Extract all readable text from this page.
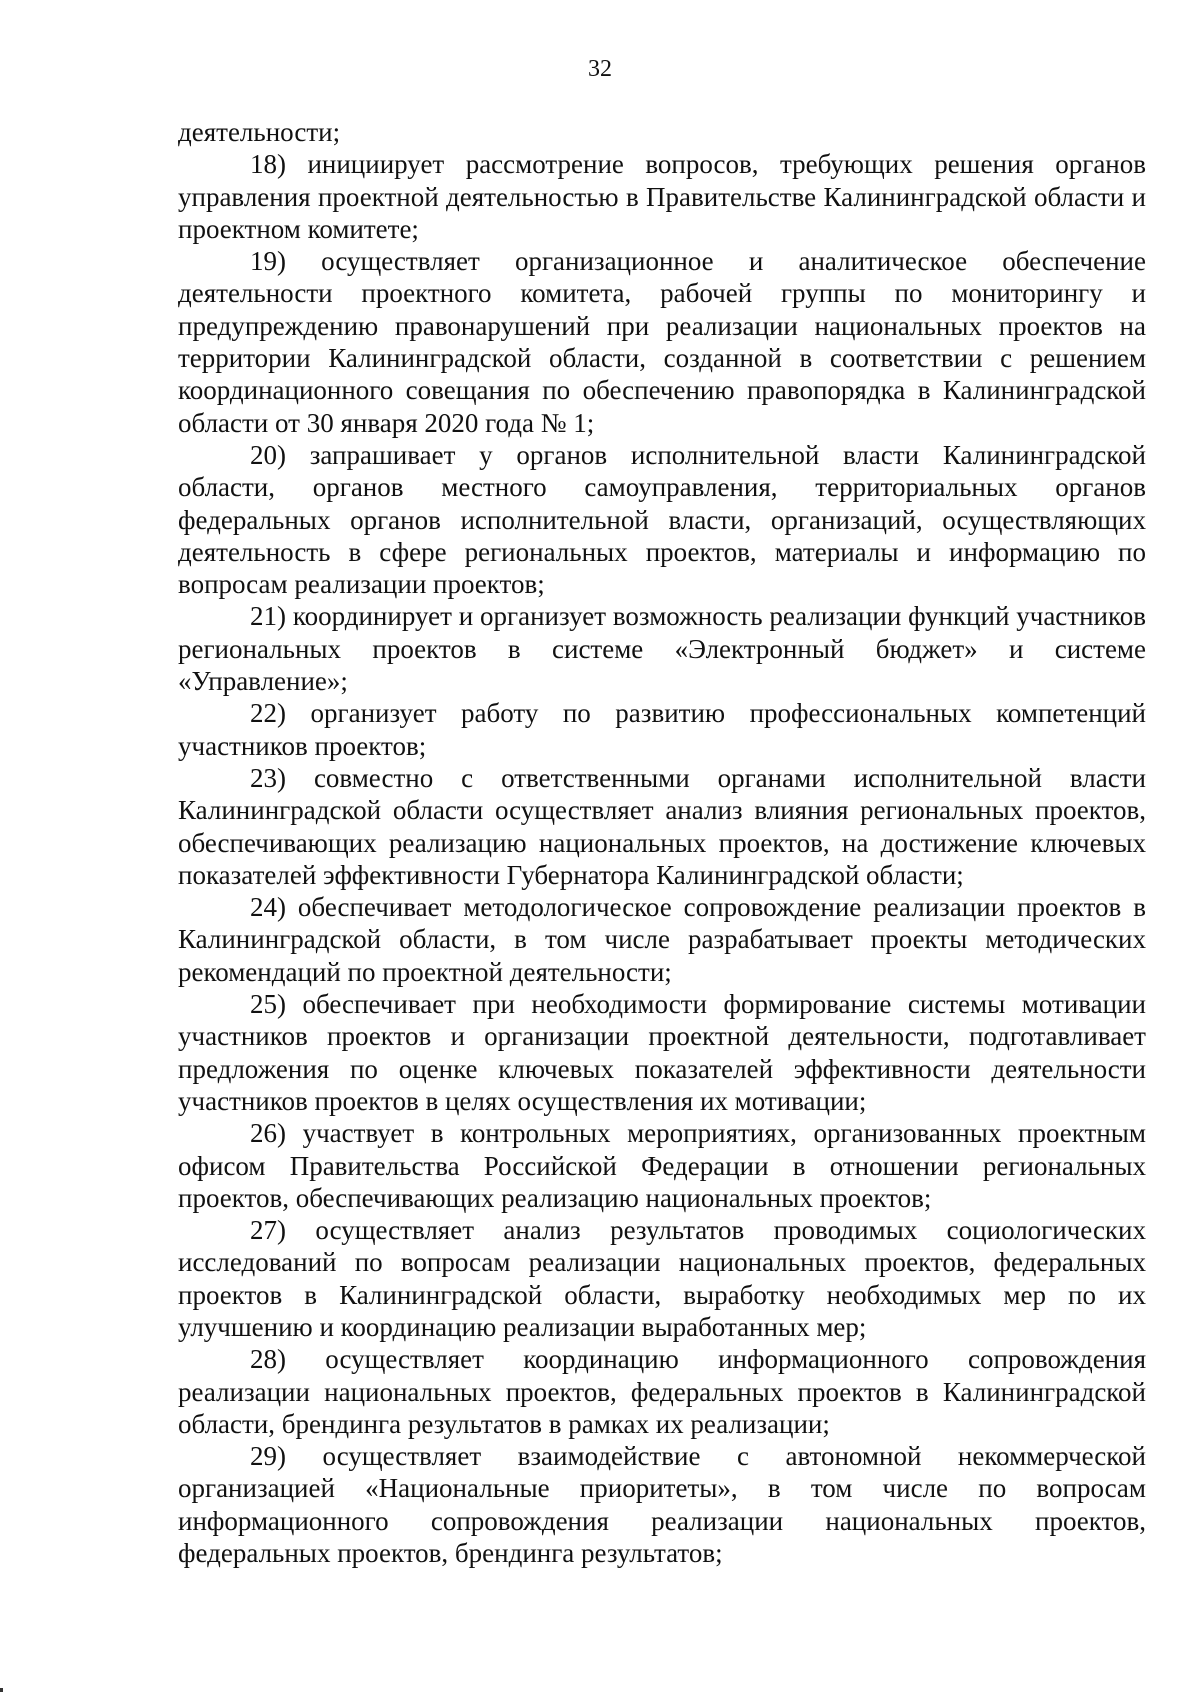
32

деятельности;

18) инициирует рассмотрение вопросов, требующих решения органов управления проектной деятельностью в Правительстве Калининградской области и проектном комитете;

19) осуществляет организационное и аналитическое обеспечение деятельности проектного комитета, рабочей группы по мониторингу и предупреждению правонарушений при реализации национальных проектов на территории Калининградской области, созданной в соответствии с решением координационного совещания по обеспечению правопорядка в Калининградской области от 30 января 2020 года № 1;

20) запрашивает у органов исполнительной власти Калининградской области, органов местного самоуправления, территориальных органов федеральных органов исполнительной власти, организаций, осуществляющих деятельность в сфере региональных проектов, материалы и информацию по вопросам реализации проектов;

21) координирует и организует возможность реализации функций участников региональных проектов в системе «Электронный бюджет» и системе «Управление»;

22) организует работу по развитию профессиональных компетенций участников проектов;

23) совместно с ответственными органами исполнительной власти Калининградской области осуществляет анализ влияния региональных проектов, обеспечивающих реализацию национальных проектов, на достижение ключевых показателей эффективности Губернатора Калининградской области;

24) обеспечивает методологическое сопровождение реализации проектов в Калининградской области, в том числе разрабатывает проекты методических рекомендаций по проектной деятельности;

25) обеспечивает при необходимости формирование системы мотивации участников проектов и организации проектной деятельности, подготавливает предложения по оценке ключевых показателей эффективности деятельности участников проектов в целях осуществления их мотивации;

26) участвует в контрольных мероприятиях, организованных проектным офисом Правительства Российской Федерации в отношении региональных проектов, обеспечивающих реализацию национальных проектов;

27) осуществляет анализ результатов проводимых социологических исследований по вопросам реализации национальных проектов, федеральных проектов в Калининградской области, выработку необходимых мер по их улучшению и координацию реализации выработанных мер;

28) осуществляет координацию информационного сопровождения реализации национальных проектов, федеральных проектов в Калининградской области, брендинга результатов в рамках их реализации;

29) осуществляет взаимодействие с автономной некоммерческой организацией «Национальные приоритеты», в том числе по вопросам информационного сопровождения реализации национальных проектов, федеральных проектов, брендинга результатов;
